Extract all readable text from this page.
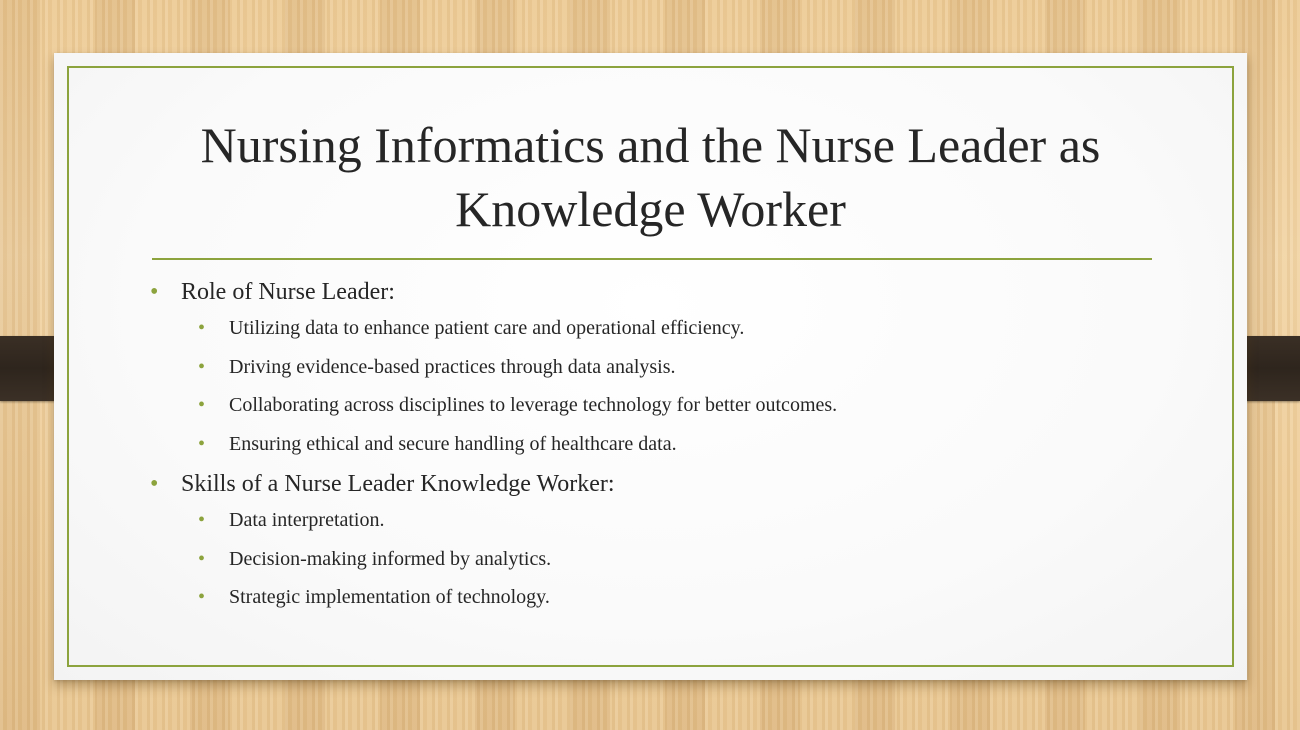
Nursing Informatics and the Nurse Leader as Knowledge Worker
• Role of Nurse Leader:
• Utilizing data to enhance patient care and operational efficiency.
• Driving evidence-based practices through data analysis.
• Collaborating across disciplines to leverage technology for better outcomes.
• Ensuring ethical and secure handling of healthcare data.
• Skills of a Nurse Leader Knowledge Worker:
• Data interpretation.
• Decision-making informed by analytics.
• Strategic implementation of technology.
